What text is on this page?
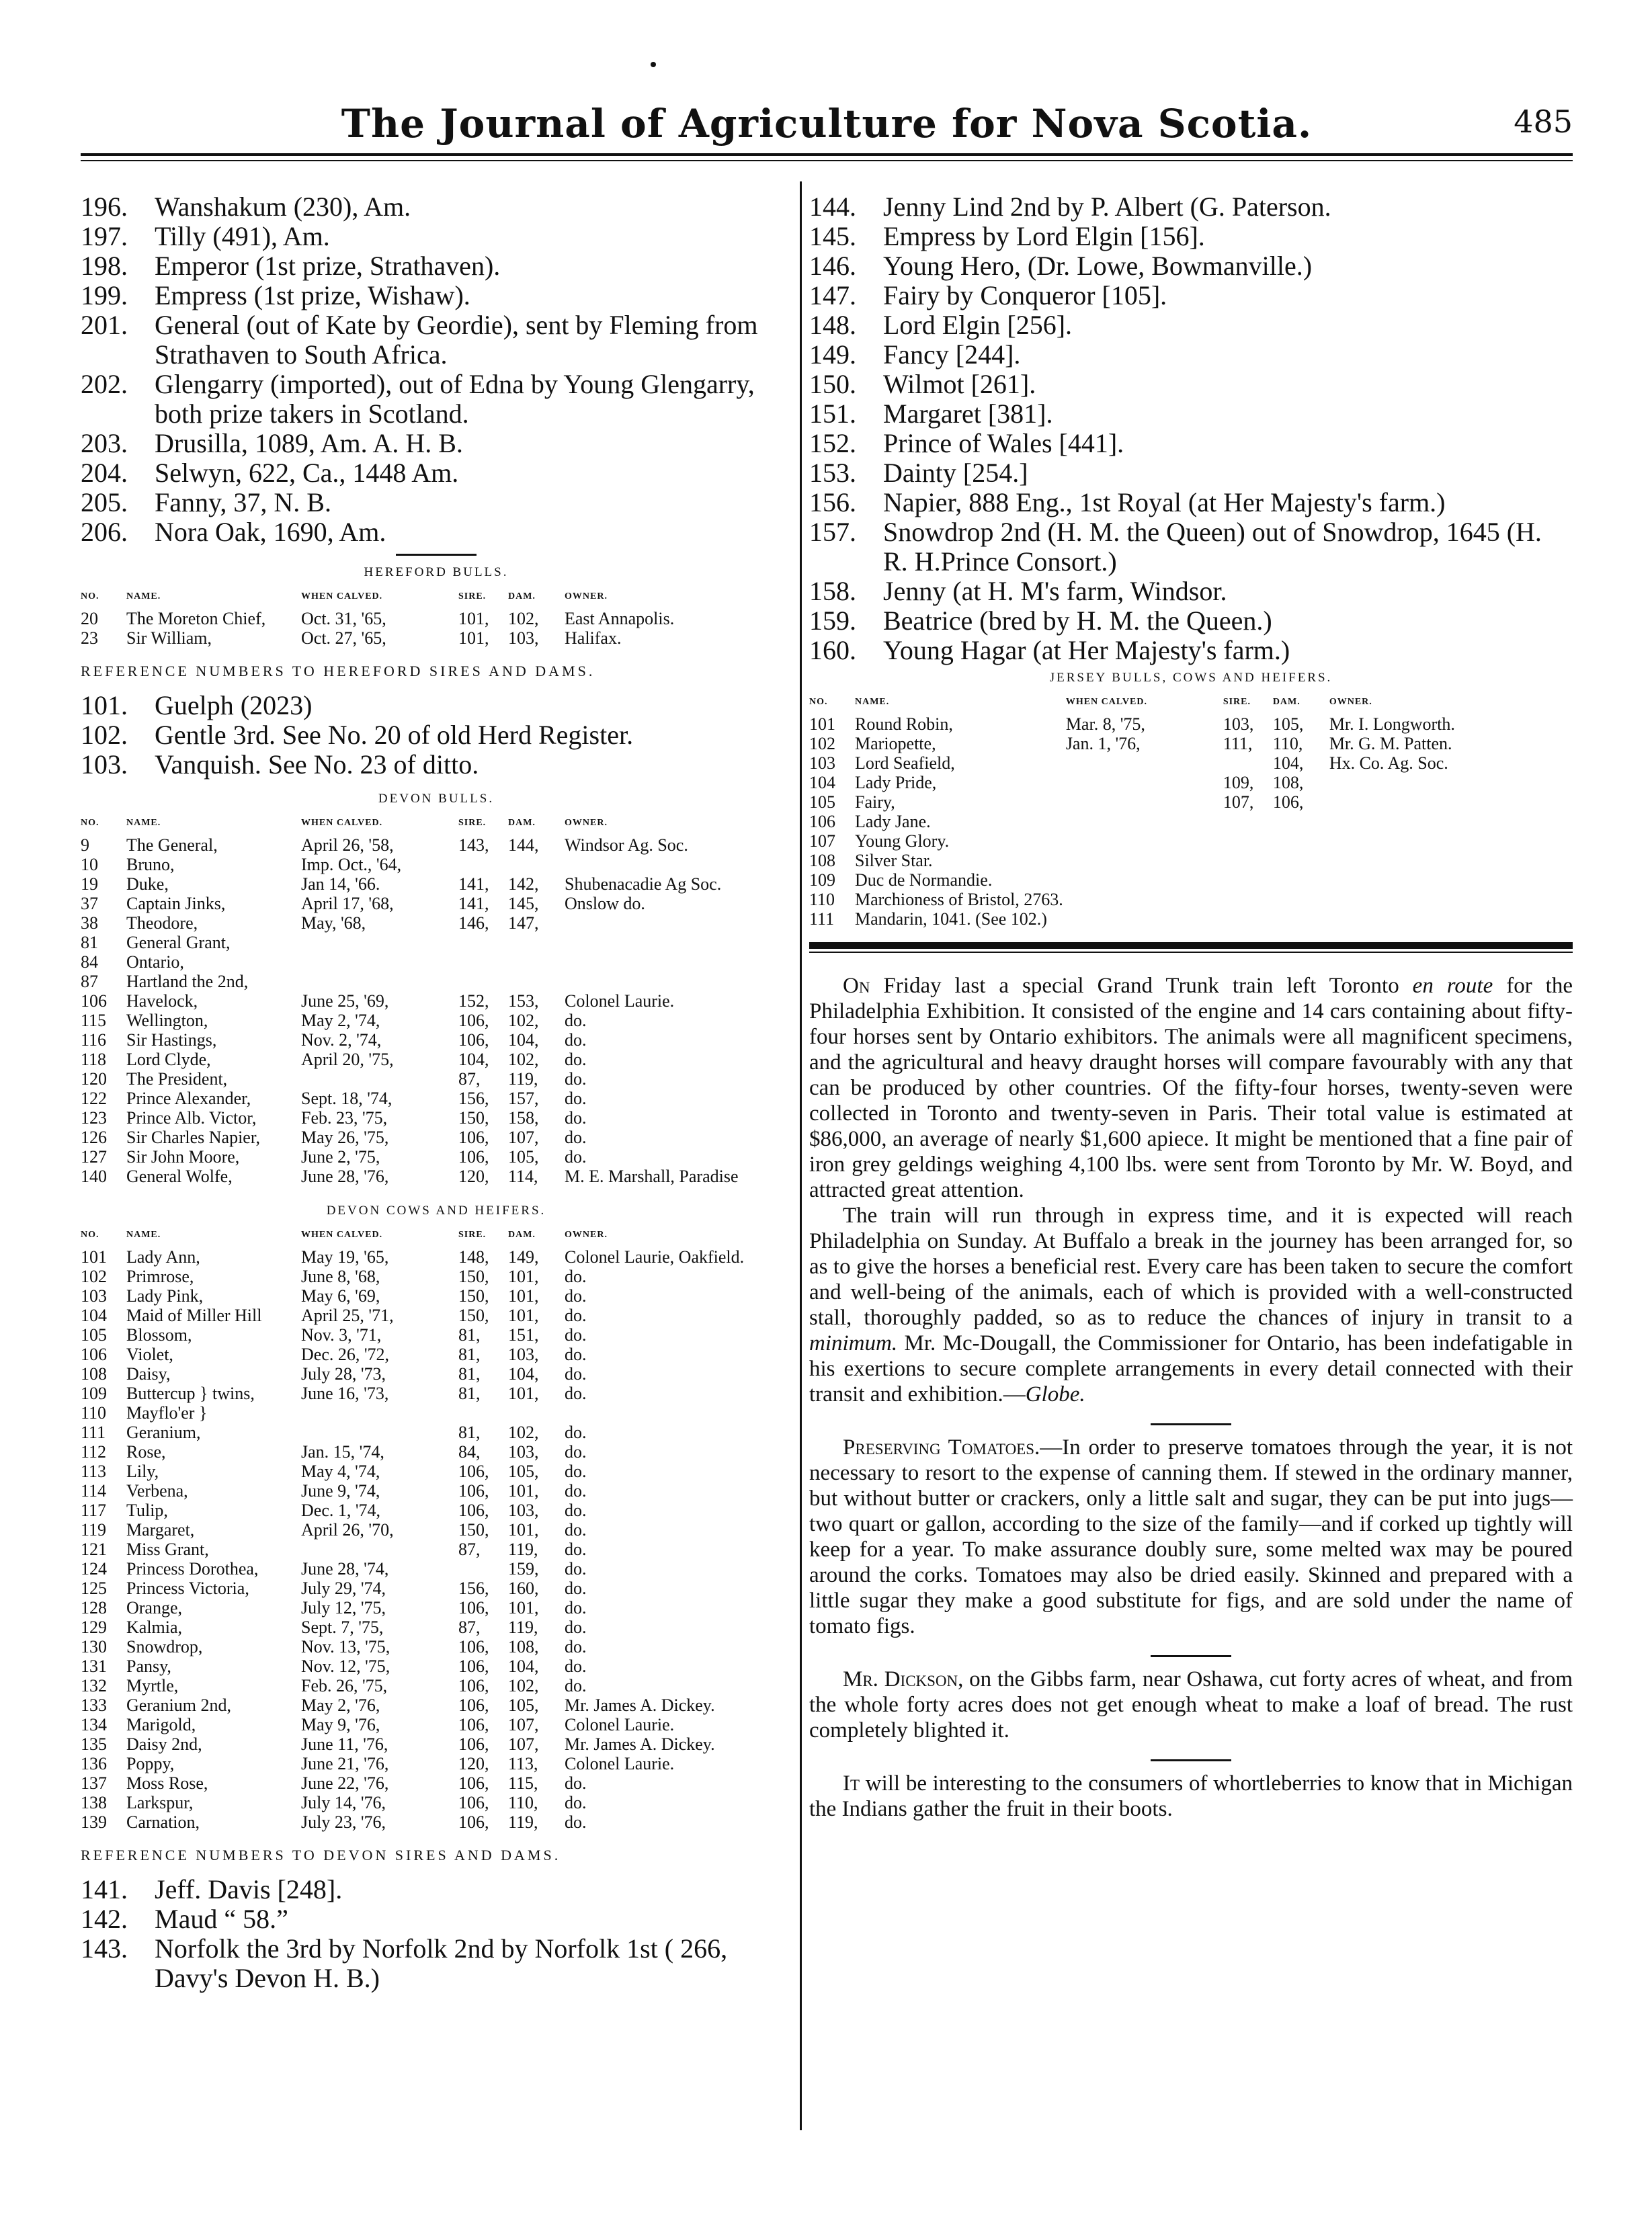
The Journal of Agriculture for Nova Scotia.	485
196.	Wanshakum (230), Am.
197.	Tilly (491), Am.
198.	Emperor (1st prize, Strathaven).
199.	Empress (1st prize, Wishaw).
201.	General (out of Kate by Geordie), sent by Fleming from Strathaven to South Africa.
202.	Glengarry (imported), out of Edna by Young Glengarry, both prize takers in Scotland.
203.	Drusilla, 1089, Am. A. H. B.
204.	Selwyn, 622, Ca., 1448 Am.
205.	Fanny, 37, N. B.
206.	Nora Oak, 1690, Am.
HEREFORD BULLS.
NO.	NAME.	WHEN CALVED.	SIRE.	DAM.	OWNER.
20	The Moreton Chief,	Oct. 31, '65,	101,	102,	East Annapolis.
23	Sir William,	Oct. 27, '65,	101,	103,	Halifax.
REFERENCE NUMBERS TO HEREFORD SIRES AND DAMS.
101.	Guelph (2023)
102.	Gentle 3rd. See No. 20 of old Herd Register.
103.	Vanquish. See No. 23 of ditto.
DEVON BULLS.
NO.	NAME.	WHEN CALVED.	SIRE.	DAM.	OWNER.
9	The General,	April 26, '58,	143,	144,	Windsor Ag. Soc.
10	Bruno,	Imp. Oct., '64,			
19	Duke,	Jan 14, '66.	141,	142,	Shubenacadie Ag Soc.
37	Captain Jinks,	April 17, '68,	141,	145,	Onslow do.
38	Theodore,	May, '68,	146,	147,	
81	General Grant,				
84	Ontario,				
87	Hartland the 2nd,				
106	Havelock,	June 25, '69,	152,	153,	Colonel Laurie.
115	Wellington,	May 2, '74,	106,	102,	do.
116	Sir Hastings,	Nov. 2, '74,	106,	104,	do.
118	Lord Clyde,	April 20, '75,	104,	102,	do.
120	The President,		87,	119,	do.
122	Prince Alexander,	Sept. 18, '74,	156,	157,	do.
123	Prince Alb. Victor,	Feb. 23, '75,	150,	158,	do.
126	Sir Charles Napier,	May 26, '75,	106,	107,	do.
127	Sir John Moore,	June 2, '75,	106,	105,	do.
140	General Wolfe,	June 28, '76,	120,	114,	M. E. Marshall, Paradise
DEVON COWS AND HEIFERS.
NO.	NAME.	WHEN CALVED.	SIRE.	DAM.	OWNER.
101	Lady Ann,	May 19, '65,	148,	149,	Colonel Laurie, Oakfield.
102	Primrose,	June 8, '68,	150,	101,	do.
103	Lady Pink,	May 6, '69,	150,	101,	do.
104	Maid of Miller Hill	April 25, '71,	150,	101,	do.
105	Blossom,	Nov. 3, '71,	81,	151,	do.
106	Violet,	Dec. 26, '72,	81,	103,	do.
108	Daisy,	July 28, '73,	81,	104,	do.
109	Buttercup } twins,	June 16, '73,	81,	101,	do.
110	Mayflo'er }				
111	Geranium,		81,	102,	do.
112	Rose,	Jan. 15, '74,	84,	103,	do.
113	Lily,	May 4, '74,	106,	105,	do.
114	Verbena,	June 9, '74,	106,	101,	do.
117	Tulip,	Dec. 1, '74,	106,	103,	do.
119	Margaret,	April 26, '70,	150,	101,	do.
121	Miss Grant,		87,	119,	do.
124	Princess Dorothea,	June 28, '74,		159,	do.
125	Princess Victoria,	July 29, '74,	156,	160,	do.
128	Orange,	July 12, '75,	106,	101,	do.
129	Kalmia,	Sept. 7, '75,	87,	119,	do.
130	Snowdrop,	Nov. 13, '75,	106,	108,	do.
131	Pansy,	Nov. 12, '75,	106,	104,	do.
132	Myrtle,	Feb. 26, '75,	106,	102,	do.
133	Geranium 2nd,	May 2, '76,	106,	105,	Mr. James A. Dickey.
134	Marigold,	May 9, '76,	106,	107,	Colonel Laurie.
135	Daisy 2nd,	June 11, '76,	106,	107,	Mr. James A. Dickey.
136	Poppy,	June 21, '76,	120,	113,	Colonel Laurie.
137	Moss Rose,	June 22, '76,	106,	115,	do.
138	Larkspur,	July 14, '76,	106,	110,	do.
139	Carnation,	July 23, '76,	106,	119,	do.
REFERENCE NUMBERS TO DEVON SIRES AND DAMS.
141.	Jeff. Davis [248].
142.	Maud “ 58.”
143.	Norfolk the 3rd by Norfolk 2nd by Norfolk 1st ( 266, Davy's Devon H. B.)
144.	Jenny Lind 2nd by P. Albert (G. Paterson.
145.	Empress by Lord Elgin [156].
146.	Young Hero, (Dr. Lowe, Bowmanville.)
147.	Fairy by Conqueror [105].
148.	Lord Elgin [256].
149.	Fancy [244].
150.	Wilmot [261].
151.	Margaret [381].
152.	Prince of Wales [441].
153.	Dainty [254.]
156.	Napier, 888 Eng., 1st Royal (at Her Majesty's farm.)
157.	Snowdrop 2nd (H. M. the Queen) out of Snowdrop, 1645 (H. R. H.Prince Consort.)
158.	Jenny (at H. M's farm, Windsor.
159.	Beatrice (bred by H. M. the Queen.)
160.	Young Hagar (at Her Majesty's farm.)
JERSEY BULLS, COWS AND HEIFERS.
NO.	NAME.	WHEN CALVED.	SIRE.	DAM.	OWNER.
101	Round Robin,	Mar. 8, '75,	103,	105,	Mr. I. Longworth.
102	Mariopette,	Jan. 1, '76,	111,	110,	Mr. G. M. Patten.
103	Lord Seafield,			104,	Hx. Co. Ag. Soc.
104	Lady Pride,		109,	108,	
105	Fairy,		107,	106,	
106	Lady Jane.				
107	Young Glory.				
108	Silver Star.				
109	Duc de Normandie.				
110	Marchioness of Bristol, 2763.				
111	Mandarin, 1041. (See 102.)				

On Friday last a special Grand Trunk train left Toronto en route for the Philadelphia Exhibition. It consisted of the engine and 14 cars containing about fifty-four horses sent by Ontario exhibitors. The animals were all magnificent specimens, and the agricultural and heavy draught horses will compare favourably with any that can be produced by other countries. Of the fifty-four horses, twenty-seven were collected in Toronto and twenty-seven in Paris. Their total value is estimated at $86,000, an average of nearly $1,600 apiece. It might be mentioned that a fine pair of iron grey geldings weighing 4,100 lbs. were sent from Toronto by Mr. W. Boyd, and attracted great attention.

The train will run through in express time, and it is expected will reach Philadelphia on Sunday. At Buffalo a break in the journey has been arranged for, so as to give the horses a beneficial rest. Every care has been taken to secure the comfort and well-being of the animals, each of which is provided with a well-constructed stall, thoroughly padded, so as to reduce the chances of injury in transit to a minimum. Mr. Mc-Dougall, the Commissioner for Ontario, has been indefatigable in his exertions to secure complete arrangements in every detail connected with their transit and exhibition.—Globe.

Preserving Tomatoes.—In order to preserve tomatoes through the year, it is not necessary to resort to the expense of canning them. If stewed in the ordinary manner, but without butter or crackers, only a little salt and sugar, they can be put into jugs—two quart or gallon, according to the size of the family—and if corked up tightly will keep for a year. To make assurance doubly sure, some melted wax may be poured around the corks. Tomatoes may also be dried easily. Skinned and prepared with a little sugar they make a good substitute for figs, and are sold under the name of tomato figs.

Mr. Dickson, on the Gibbs farm, near Oshawa, cut forty acres of wheat, and from the whole forty acres does not get enough wheat to make a loaf of bread. The rust completely blighted it.

It will be interesting to the consumers of whortleberries to know that in Michigan the Indians gather the fruit in their boots.
